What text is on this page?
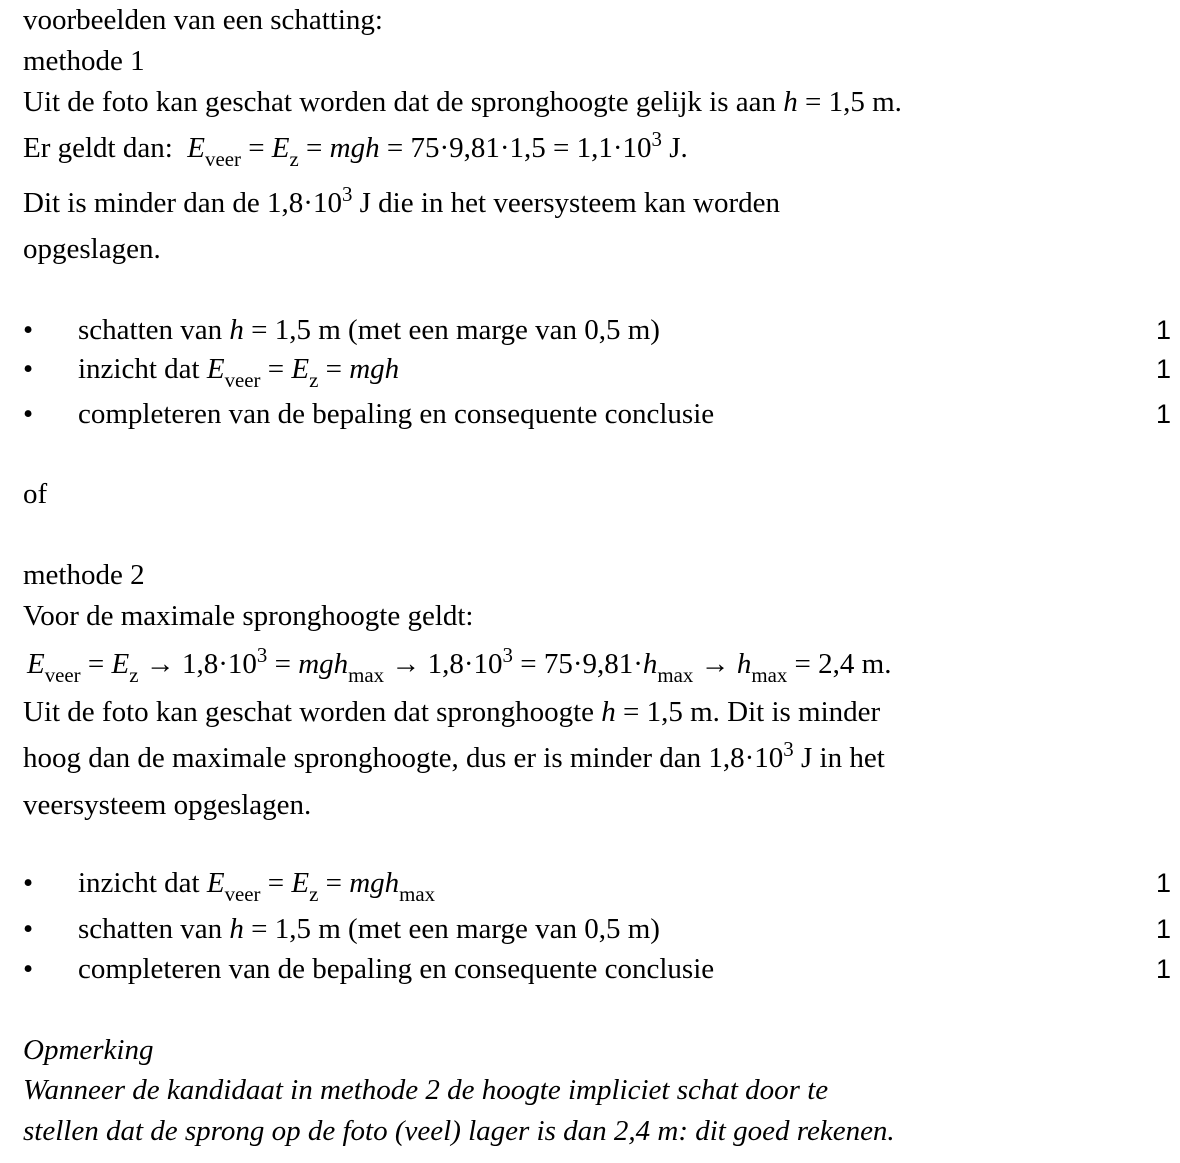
voorbeelden van een schatting:
methode 1
Uit de foto kan geschat worden dat de spronghoogte gelijk is aan h = 1,5 m.
Er geldt dan: $E_{veer} = E_z$ = mgh = $75\cdot 9,81\cdot 1,5 = 1,1\cdot 10^3$ J.
Dit is minder dan de $1,8\cdot 10^3$ J die in het veersysteem kan worden
opgeslagen.
• schatten van h = 1,5 m (met een marge van 0,5 m)	1
• inzicht dat $E_{veer} = E_z$ = mgh	1
• completeren van de bepaling en consequente conclusie	1
of
methode 2
Voor de maximale spronghoogte geldt:
$E_{veer} = E_z \to 1,8\cdot 10^3 = mgh_{max} \to 1,8\cdot 10^3 = 75\cdot 9,81\cdot h_{max} \to h_{max} = 2,4$ m.
Uit de foto kan geschat worden dat spronghoogte h = 1,5 m. Dit is minder
hoog dan de maximale spronghoogte, dus er is minder dan $1,8\cdot 10^3$ J in het
veersysteem opgeslagen.
• inzicht dat $E_{veer} = E_z = mgh_{max}$	1
• schatten van h = 1,5 m (met een marge van 0,5 m)	1
• completeren van de bepaling en consequente conclusie	1
Opmerking
Wanneer de kandidaat in methode 2 de hoogte impliciet schat door te
stellen dat de sprong op de foto (veel) lager is dan 2,4 m: dit goed rekenen.
